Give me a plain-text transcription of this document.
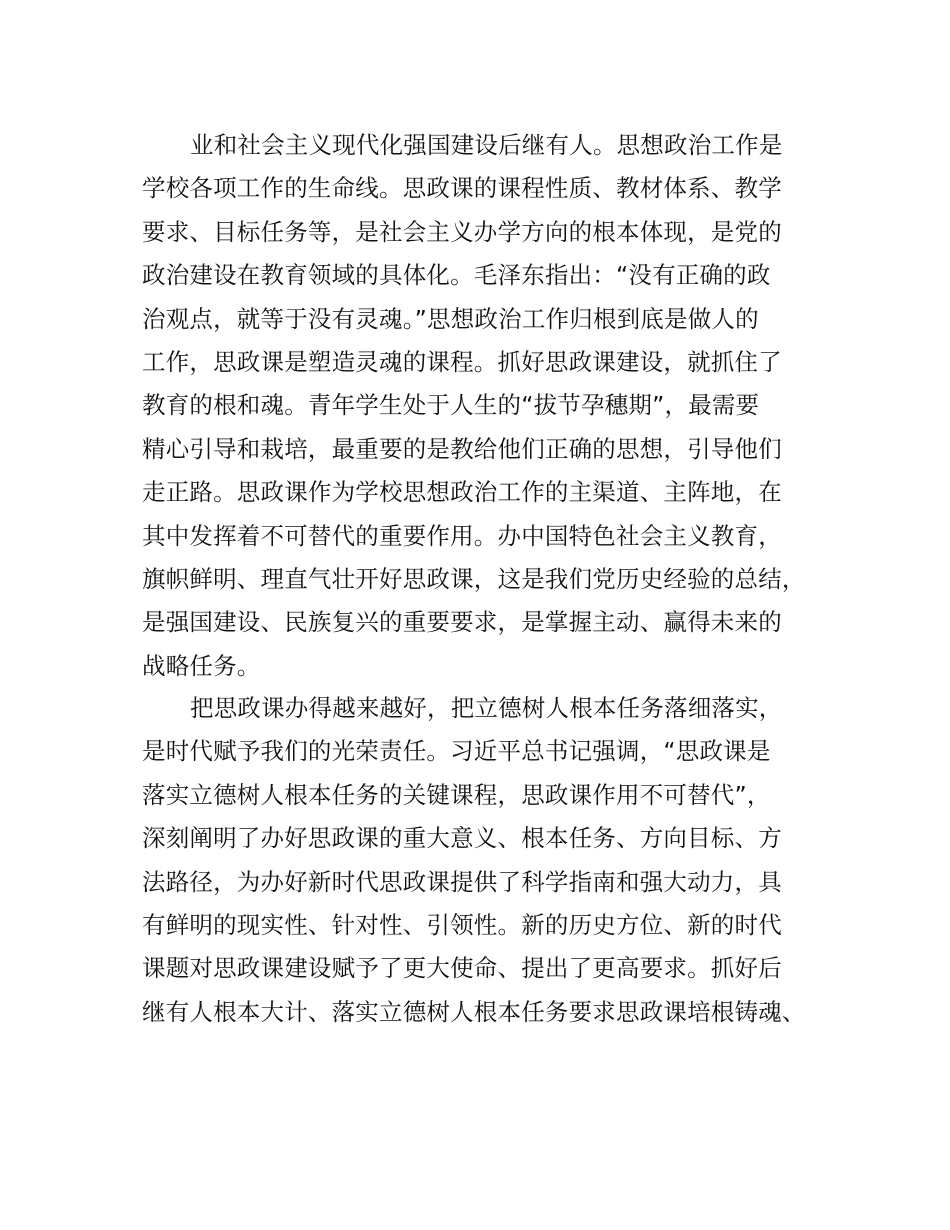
业和社会主义现代化强国建设后继有人。思想政治工作是
学校各项工作的生命线。思政课的课程性质、教材体系、教学
要求、目标任务等，是社会主义办学方向的根本体现，是党的
政治建设在教育领域的具体化。毛泽东指出：“没有正确的政
治观点，就等于没有灵魂。”思想政治工作归根到底是做人的
工作，思政课是塑造灵魂的课程。抓好思政课建设，就抓住了
教育的根和魂。青年学生处于人生的“拔节孕穗期”，最需要
精心引导和栽培，最重要的是教给他们正确的思想，引导他们
走正路。思政课作为学校思想政治工作的主渠道、主阵地，在
其中发挥着不可替代的重要作用。办中国特色社会主义教育，
旗帜鲜明、理直气壮开好思政课，这是我们党历史经验的总结，
是强国建设、民族复兴的重要要求，是掌握主动、赢得未来的
战略任务。
把思政课办得越来越好，把立德树人根本任务落细落实，
是时代赋予我们的光荣责任。习近平总书记强调，“思政课是
落实立德树人根本任务的关键课程，思政课作用不可替代”，
深刻阐明了办好思政课的重大意义、根本任务、方向目标、方
法路径，为办好新时代思政课提供了科学指南和强大动力，具
有鲜明的现实性、针对性、引领性。新的历史方位、新的时代
课题对思政课建设赋予了更大使命、提出了更高要求。抓好后
继有人根本大计、落实立德树人根本任务要求思政课培根铸魂、
